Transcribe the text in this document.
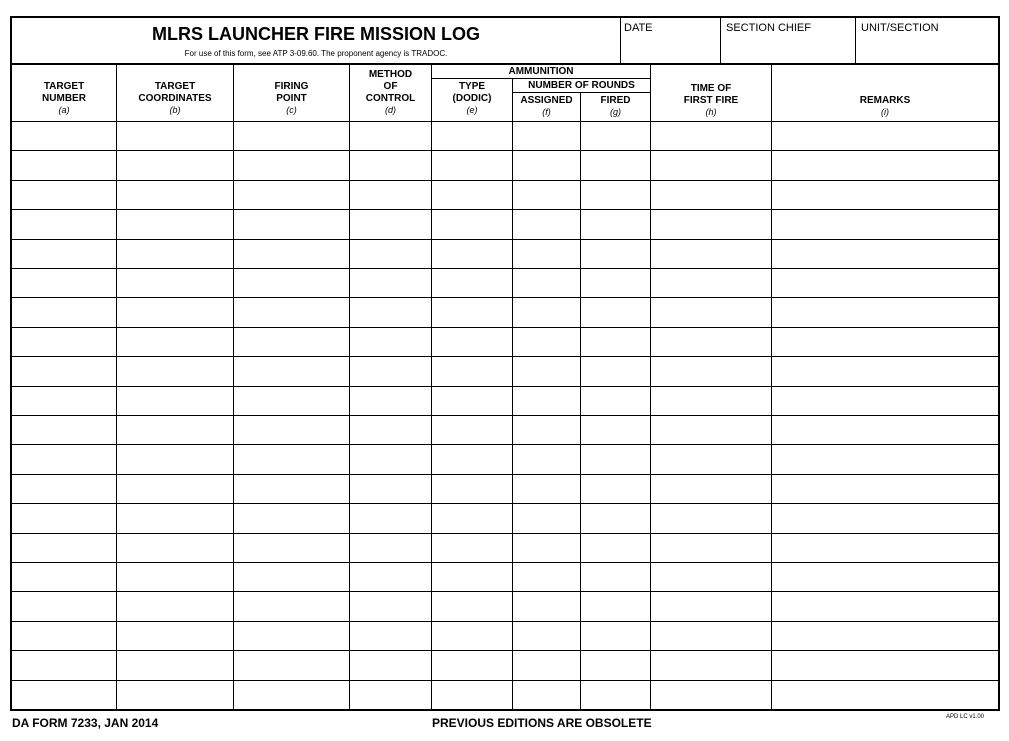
MLRS LAUNCHER FIRE MISSION LOG
For use of this form, see ATP 3-09.60. The proponent agency is TRADOC.
DATE	SECTION CHIEF	UNIT/SECTION
TARGET
NUMBER
(a)
TARGET
COORDINATES
(b)
FIRING
POINT
(c)
METHOD
OF
CONTROL
(d)
AMMUNITION
TYPE
(DODIC)
(e)
NUMBER OF ROUNDS
ASSIGNED
(f)
FIRED
(g)
TIME OF
FIRST FIRE
(h)
REMARKS
(i)
DA FORM 7233, JAN 2014	PREVIOUS EDITIONS ARE OBSOLETE	APD LC v1.00
